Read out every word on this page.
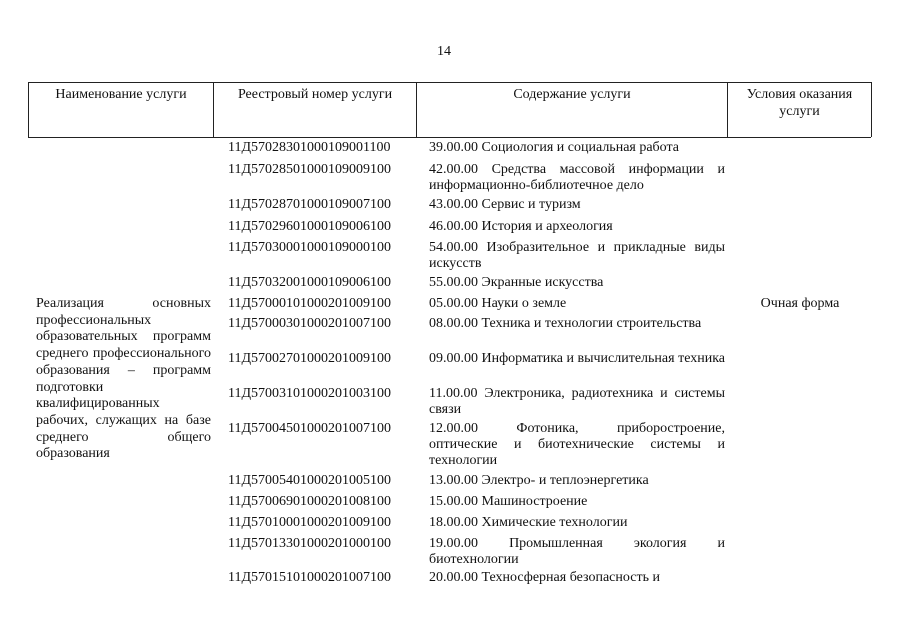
14
Наименование услуги	Реестровый номер услуги	Содержание услуги	Условия оказания услуги
Реализация основных профессиональных образовательных программ среднего профессионального образования – программ подготовки квалифицированных рабочих, служащих на базе среднего общего образования
Очная форма
11Д57028301000109001100	39.00.00 Социология и социальная работа
11Д57028501000109009100	42.00.00 Средства массовой информации и информационно-библиотечное дело
11Д57028701000109007100	43.00.00 Сервис и туризм
11Д57029601000109006100	46.00.00 История и археология
11Д57030001000109000100	54.00.00 Изобразительное и прикладные виды искусств
11Д57032001000109006100	55.00.00 Экранные искусства
11Д57000101000201009100	05.00.00 Науки о земле
11Д57000301000201007100	08.00.00 Техника и технологии строительства
11Д57002701000201009100	09.00.00 Информатика и вычислительная техника
11Д57003101000201003100	11.00.00 Электроника, радиотехника и системы связи
11Д57004501000201007100	12.00.00 Фотоника, приборостроение, оптические и биотехнические системы и технологии
11Д57005401000201005100	13.00.00 Электро- и теплоэнергетика
11Д57006901000201008100	15.00.00 Машиностроение
11Д57010001000201009100	18.00.00 Химические технологии
11Д57013301000201000100	19.00.00 Промышленная экология и биотехнологии
11Д57015101000201007100	20.00.00 Техносферная безопасность и
